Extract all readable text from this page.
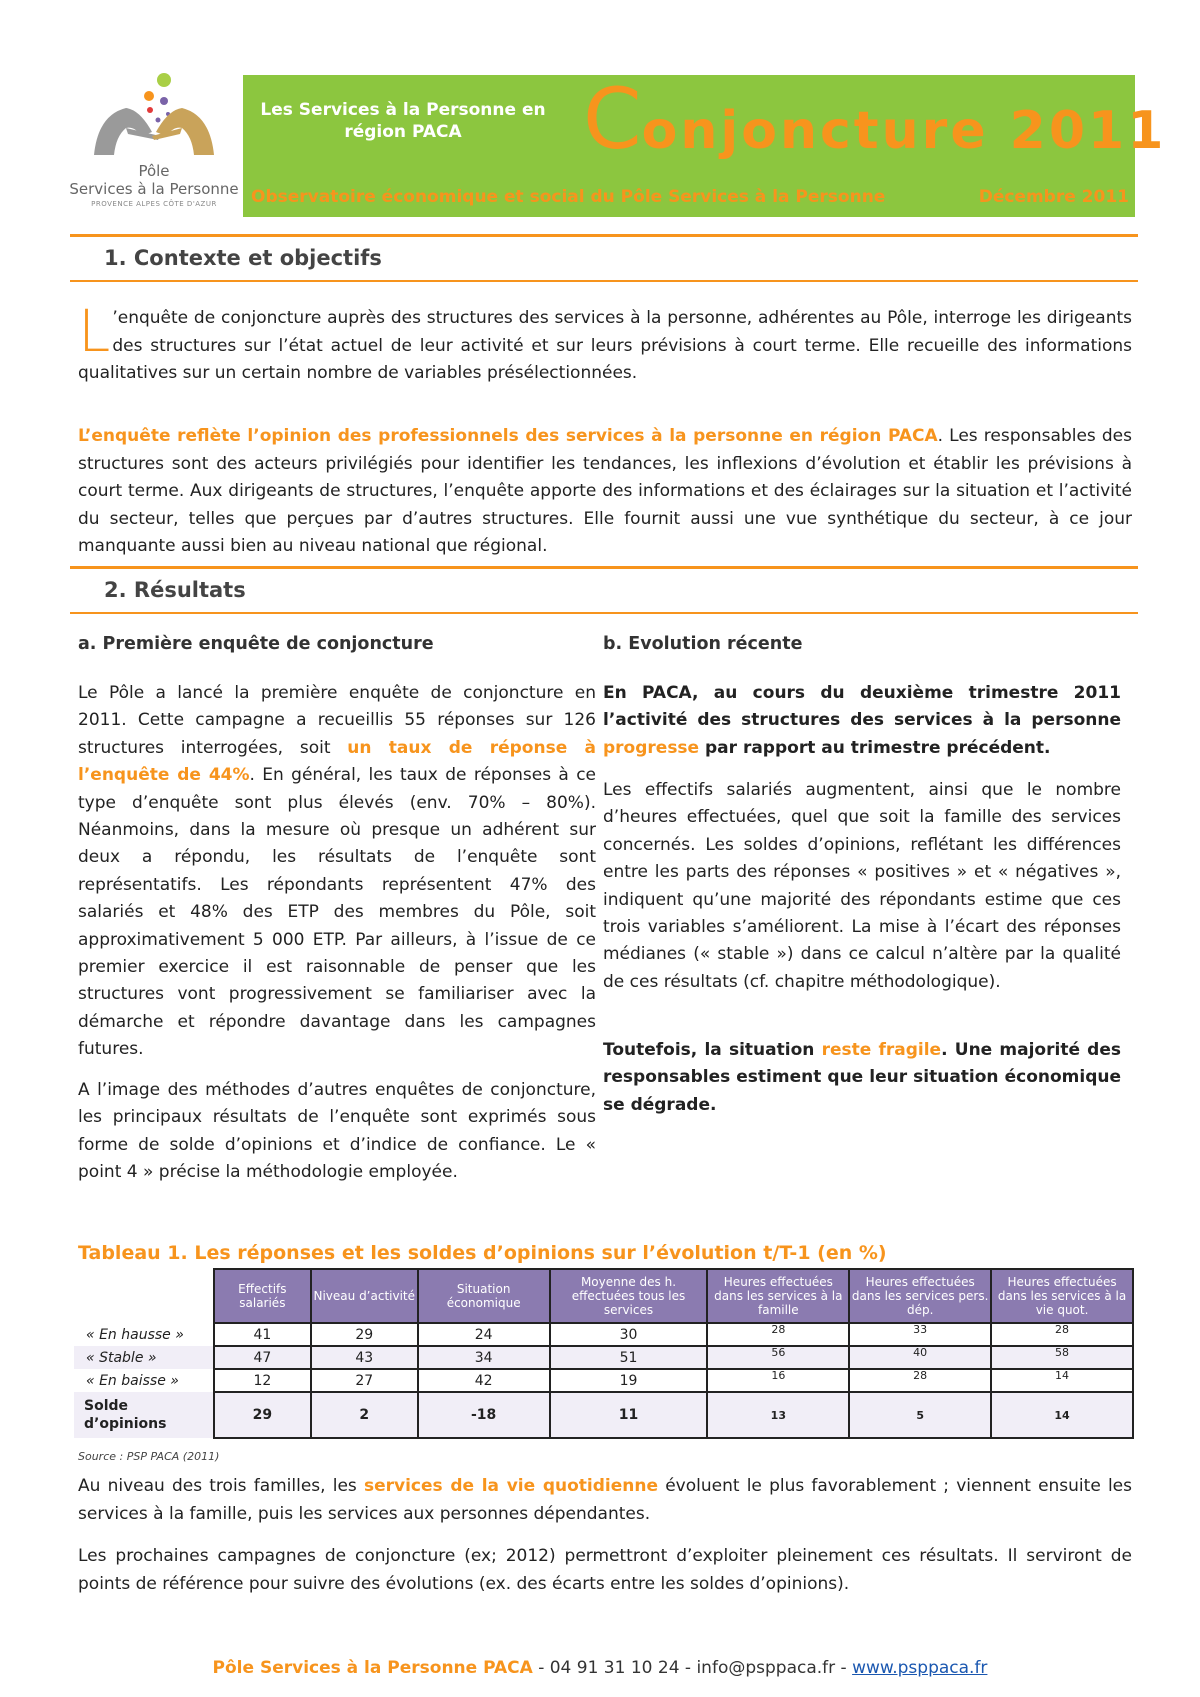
Pôle
Services à la Personne
PROVENCE ALPES CÔTE D'AZUR
Les Services à la Personne en
région PACA	Conjoncture 2011
Observatoire économique et social du Pôle Services à la Personne	Décembre 2011
1. Contexte et objectifs
L ’enquête de conjoncture auprès des structures des services à la personne, adhérentes au Pôle, interroge les dirigeants des structures sur l’état actuel de leur activité et sur leurs prévisions à court terme. Elle recueille des informations qualitatives sur un certain nombre de variables présélectionnées.
L’enquête reflète l’opinion des professionnels des services à la personne en région PACA. Les responsables des structures sont des acteurs privilégiés pour identifier les tendances, les inflexions d’évolution et établir les prévisions à court terme. Aux dirigeants de structures, l’enquête apporte des informations et des éclairages sur la situation et l’activité du secteur, telles que perçues par d’autres structures. Elle fournit aussi une vue synthétique du secteur, à ce jour manquante aussi bien au niveau national que régional.
2. Résultats
a. Première enquête de conjoncture	b. Evolution récente
Le Pôle a lancé la première enquête de conjoncture en 2011. Cette campagne a recueillis 55 réponses sur 126 structures interrogées, soit un taux de réponse à l’enquête de 44%. En général, les taux de réponses à ce type d’enquête sont plus élevés (env. 70% – 80%). Néanmoins, dans la mesure où presque un adhérent sur deux a répondu, les résultats de l’enquête sont représentatifs. Les répondants représentent 47% des salariés et 48% des ETP des membres du Pôle, soit approximativement 5 000 ETP. Par ailleurs, à l’issue de ce premier exercice il est raisonnable de penser que les structures vont progressivement se familiariser avec la démarche et répondre davantage dans les campagnes futures.
A l’image des méthodes d’autres enquêtes de conjoncture, les principaux résultats de l’enquête sont exprimés sous forme de solde d’opinions et d’indice de confiance. Le « point 4 » précise la méthodologie employée.
En PACA, au cours du deuxième trimestre 2011 l’activité des structures des services à la personne progresse par rapport au trimestre précédent.
Les effectifs salariés augmentent, ainsi que le nombre d’heures effectuées, quel que soit la famille des services concernés. Les soldes d’opinions, reflétant les différences entre les parts des réponses « positives » et « négatives », indiquent qu’une majorité des répondants estime que ces trois variables s’améliorent. La mise à l’écart des réponses médianes (« stable ») dans ce calcul n’altère par la qualité de ces résultats (cf. chapitre méthodologique).
Toutefois, la situation reste fragile. Une majorité des responsables estiment que leur situation économique se dégrade.
Tableau 1. Les réponses et les soldes d’opinions sur l’évolution t/T-1 (en %)
	Effectifs salariés	Niveau d’activité	Situation économique	Moyenne des h. effectuées tous les services	Heures effectuées dans les services à la famille	Heures effectuées dans les services pers. dép.	Heures effectuées dans les services à la vie quot.
« En hausse »	41	29	24	30	28	33	28
« Stable »	47	43	34	51	56	40	58
« En baisse »	12	27	42	19	16	28	14
Solde d’opinions	29	2	-18	11	13	5	14
Source : PSP PACA (2011)
Au niveau des trois familles, les services de la vie quotidienne évoluent le plus favorablement ; viennent ensuite les services à la famille, puis les services aux personnes dépendantes.
Les prochaines campagnes de conjoncture (ex; 2012) permettront d’exploiter pleinement ces résultats. Il serviront de points de référence pour suivre des évolutions (ex. des écarts entre les soldes d’opinions).
Pôle Services à la Personne PACA - 04 91 31 10 24 - info@psppaca.fr - www.psppaca.fr
